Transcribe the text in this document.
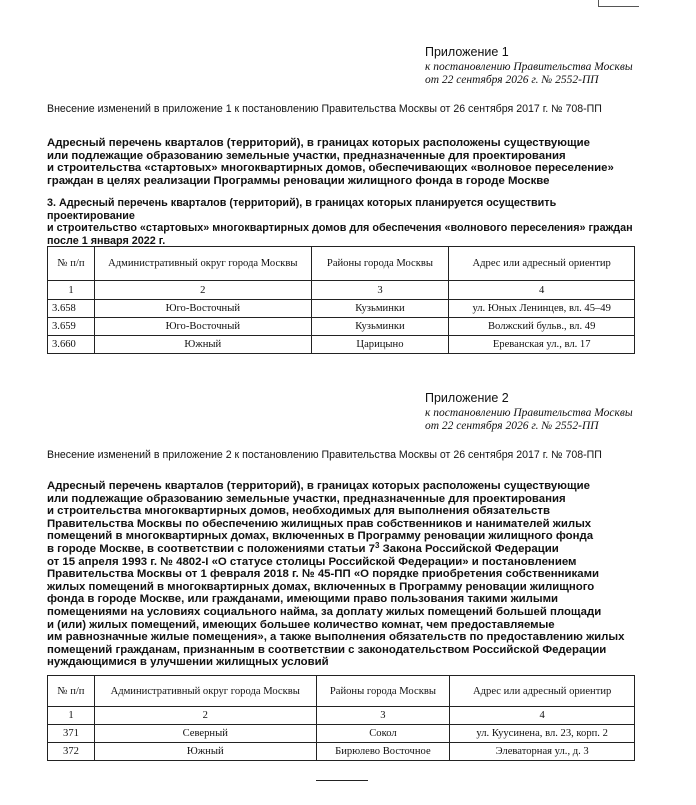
Приложение 1
к постановлению Правительства Москвы
от 22 сентября 2026 г. № 2552-ПП
Внесение изменений в приложение 1 к постановлению Правительства Москвы от 26 сентября 2017 г. № 708-ПП
Адресный перечень кварталов (территорий), в границах которых расположены существующие
или подлежащие образованию земельные участки, предназначенные для проектирования
и строительства «стартовых» многоквартирных домов, обеспечивающих «волновое переселение»
граждан в целях реализации Программы реновации жилищного фонда в городе Москве
3. Адресный перечень кварталов (территорий), в границах которых планируется осуществить проектирование
и строительство «стартовых» многоквартирных домов для обеспечения «волнового переселения» граждан
после 1 января 2022 г.
№ п/п	Административный округ города Москвы	Районы города Москвы	Адрес или адресный ориентир
1	2	3	4
3.658	Юго-Восточный	Кузьминки	ул. Юных Ленинцев, вл. 45–49
3.659	Юго-Восточный	Кузьминки	Волжский бульв., вл. 49
3.660	Южный	Царицыно	Ереванская ул., вл. 17
Приложение 2
к постановлению Правительства Москвы
от 22 сентября 2026 г. № 2552-ПП
Внесение изменений в приложение 2 к постановлению Правительства Москвы от 26 сентября 2017 г. № 708-ПП
Адресный перечень кварталов (территорий), в границах которых расположены существующие
или подлежащие образованию земельные участки, предназначенные для проектирования
и строительства многоквартирных домов, необходимых для выполнения обязательств
Правительства Москвы по обеспечению жилищных прав собственников и нанимателей жилых
помещений в многоквартирных домах, включенных в Программу реновации жилищного фонда
в городе Москве, в соответствии с положениями статьи $7^3$ Закона Российской Федерации
от 15 апреля 1993 г. № 4802-I «О статусе столицы Российской Федерации» и постановлением
Правительства Москвы от 1 февраля 2018 г. № 45-ПП «О порядке приобретения собственниками
жилых помещений в многоквартирных домах, включенных в Программу реновации жилищного
фонда в городе Москве, или гражданами, имеющими право пользования такими жилыми
помещениями на условиях социального найма, за доплату жилых помещений большей площади
и (или) жилых помещений, имеющих большее количество комнат, чем предоставляемые
им равнозначные жилые помещения», а также выполнения обязательств по предоставлению жилых
помещений гражданам, признанным в соответствии с законодательством Российской Федерации
нуждающимися в улучшении жилищных условий
№ п/п	Административный округ города Москвы	Районы города Москвы	Адрес или адресный ориентир
1	2	3	4
371	Северный	Сокол	ул. Куусинена, вл. 23, корп. 2
372	Южный	Бирюлево Восточное	Элеваторная ул., д. 3
